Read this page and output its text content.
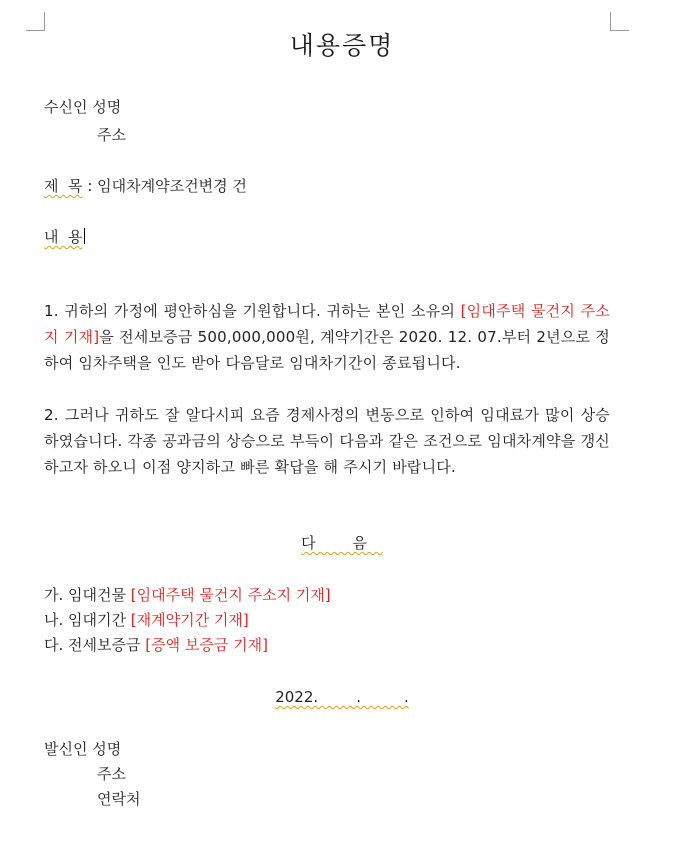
내용증명
수신인 성명
주소
제  목 : 임대차계약조건변경 건
내  용
1. 귀하의 가정에 평안하심을 기원합니다. 귀하는 본인 소유의 [임대주택 물건지 주소지 기재]을 전세보증금 500,000,000원, 계약기간은 2020. 12. 07.부터 2년으로 정하여 임차주택을 인도 받아 다음달로 임대차기간이 종료됩니다.
2. 그러나 귀하도 잘 알다시피 요즘 경제사정의 변동으로 인하여 임대료가 많이 상승하였습니다. 각종 공과금의 상승으로 부득이 다음과 같은 조건으로 임대차계약을 갱신하고자 하오니 이점 양지하고 빠른 확답을 해 주시기 바랍니다.
다 음
가. 임대건물 [임대주택 물건지 주소지 기재]
나. 임대기간 [재계약기간 기재]
다. 전세보증금 [증액 보증금 기재]
2022.        .         .
발신인 성명
주소
연락처
